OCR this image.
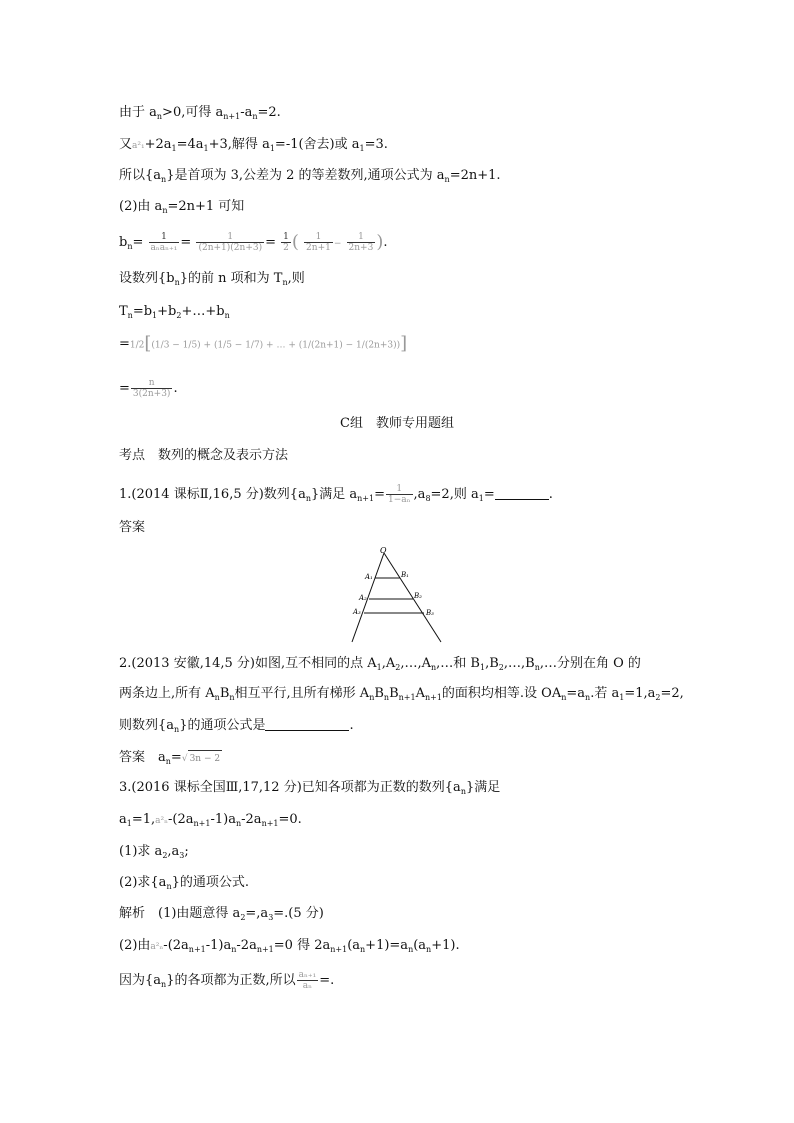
由于 $a_n>0$,可得 $a_{n+1}-a_n=2$.
又$a^2_1+2a_1=4a_1+3$,解得 $a_1=-1$(舍去)或 $a_1=3$.
所以$\{a_n\}$是首项为 3,公差为 2 的等差数列,通项公式为 $a_n=2n+1$.
(2)由 $a_n=2n+1$ 可知
$b_n= \frac{1}{\text{aₙaₙ₊₁}} = \frac{1}{(2n+1)(2n+3)} = \frac{1}{2}$ ( $\frac{1}{2n+1} - \frac{1}{2n+3}$ ).
设数列$\{b_n\}$的前 n 项和为 $T_n$,则
$T_n=b_1+b_2+\dots+b_n$
=1/2[(1/3 − 1/5) + (1/5 − 1/7) + … + (1/(2n+1) − 1/(2n+3))]
= $\frac{n}{3(2n+3)}$ .
C组　教师专用题组
考点　数列的概念及表示方法
1.(2014 课标Ⅱ,16,5 分)数列$\{a_n\}$满足 $a_{n+1}= \frac{1}{\text{1−aₙ}} ,a_8=2$,则 $a_1=$	.
答案
O
A₁	B₁
A₂	B₂
A₃	B₃
2.(2013 安徽,14,5 分)如图,互不相同的点 $A_1,A_2,\dots,A_n,\dots$和 $B_1,B_2,\dots,B_n,\dots$分别在角 O 的
两条边上,所有 $A_nB_n$相互平行,且所有梯形 $A_nB_nB_{n+1}A_{n+1}$的面积均相等.设 $OA_n=a_n$.若 $a_1=1,a_2=2$,
则数列$\{a_n\}$的通项公式是	.
答案　$a_n=√$ 3n − 2
3.(2016 课标全国Ⅲ,17,12 分)已知各项都为正数的数列$\{a_n\}$满足
$a_1=1,a^2_n-(2a_{n+1}-1)a_n-2a_{n+1}=0$.
(1)求 $a_2,a_3$;
(2)求$\{a_n\}$的通项公式.
解析　(1)由题意得 $a_2=,a_3=.(5$ 分)
(2)由a²ₙ-$(2a_{n+1}-1)a_n-2a_{n+1}=0$ 得 $2a_{n+1}(a_n+1)=a_n(a_n+1)$.
因为$\{a_n\}$的各项都为正数,所以 $\frac{\text{aₙ₊₁}}{\text{aₙ}}$ =.
